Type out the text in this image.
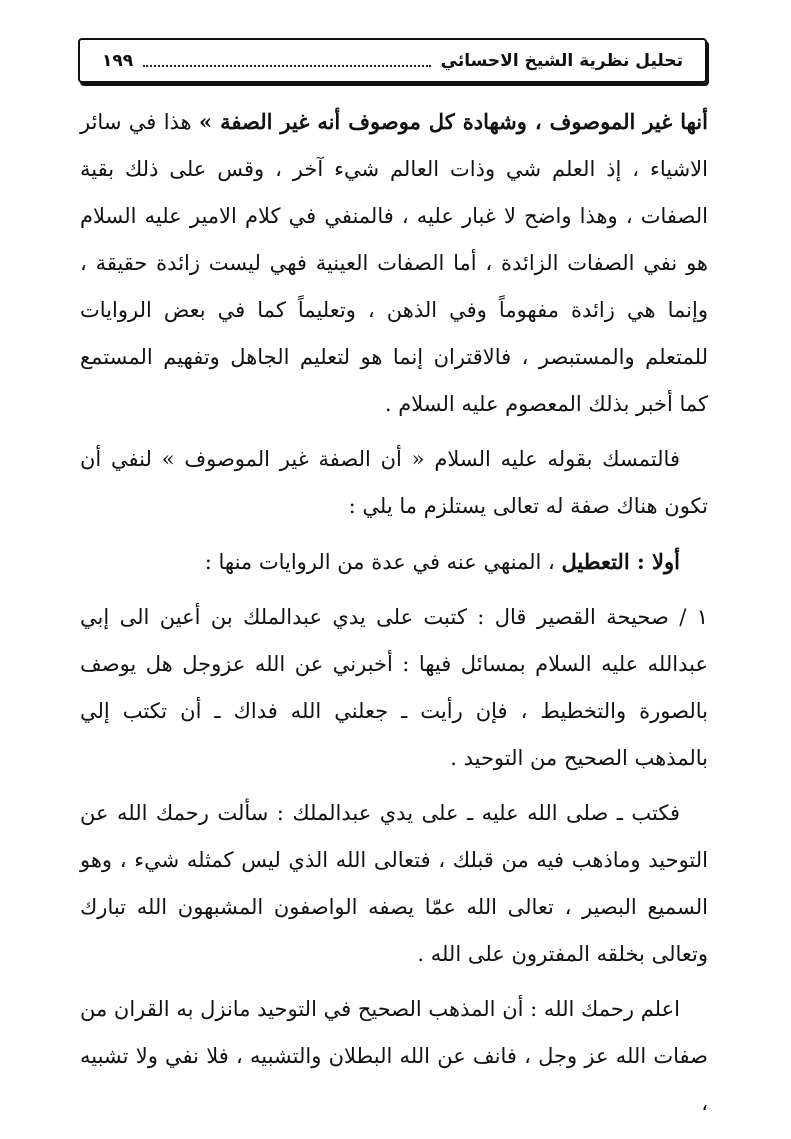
تحليل نظرية الشيخ الاحسائي
١٩٩

أنها غير الموصوف ، وشهادة كل موصوف أنه غير الصفة » هذا في سائر الاشياء ، إذ العلم شي وذات العالم شيء آخر ، وقس على ذلك بقية الصفات ، وهذا واضح لا غبار عليه ، فالمنفي في كلام الامير عليه السلام هو نفي الصفات الزائدة ، أما الصفات العينية فهي ليست زائدة حقيقة ، وإنما هي زائدة مفهوماً وفي الذهن ، وتعليماً كما في بعض الروايات للمتعلم والمستبصر ، فالاقتران إنما هو لتعليم الجاهل وتفهيم المستمع كما أخبر بذلك المعصوم عليه السلام .

فالتمسك بقوله عليه السلام « أن الصفة غير الموصوف » لنفي أن تكون هناك صفة له تعالى يستلزم ما يلي :

أولا : التعطيل ، المنهي عنه في عدة من الروايات منها :

١ / صحيحة القصير قال : كتبت على يدي عبدالملك بن أعين الى إبي عبدالله عليه السلام بمسائل فيها : أخبرني عن الله عزوجل هل يوصف بالصورة والتخطيط ، فإن رأيت ـ جعلني الله فداك ـ أن تكتب إلي بالمذهب الصحيح من التوحيد .

فكتب ـ صلى الله عليه ـ على يدي عبدالملك : سألت رحمك الله عن التوحيد وماذهب فيه من قبلك ، فتعالى الله الذي ليس كمثله شيء ، وهو السميع البصير ، تعالى الله عمّا يصفه الواصفون المشبهون الله تبارك وتعالى بخلقه المفترون على الله .

اعلم رحمك الله : أن المذهب الصحيح في التوحيد مانزل به القران من صفات الله عز وجل ، فانف عن الله البطلان والتشبيه ، فلا نفي ولا تشبيه ،
